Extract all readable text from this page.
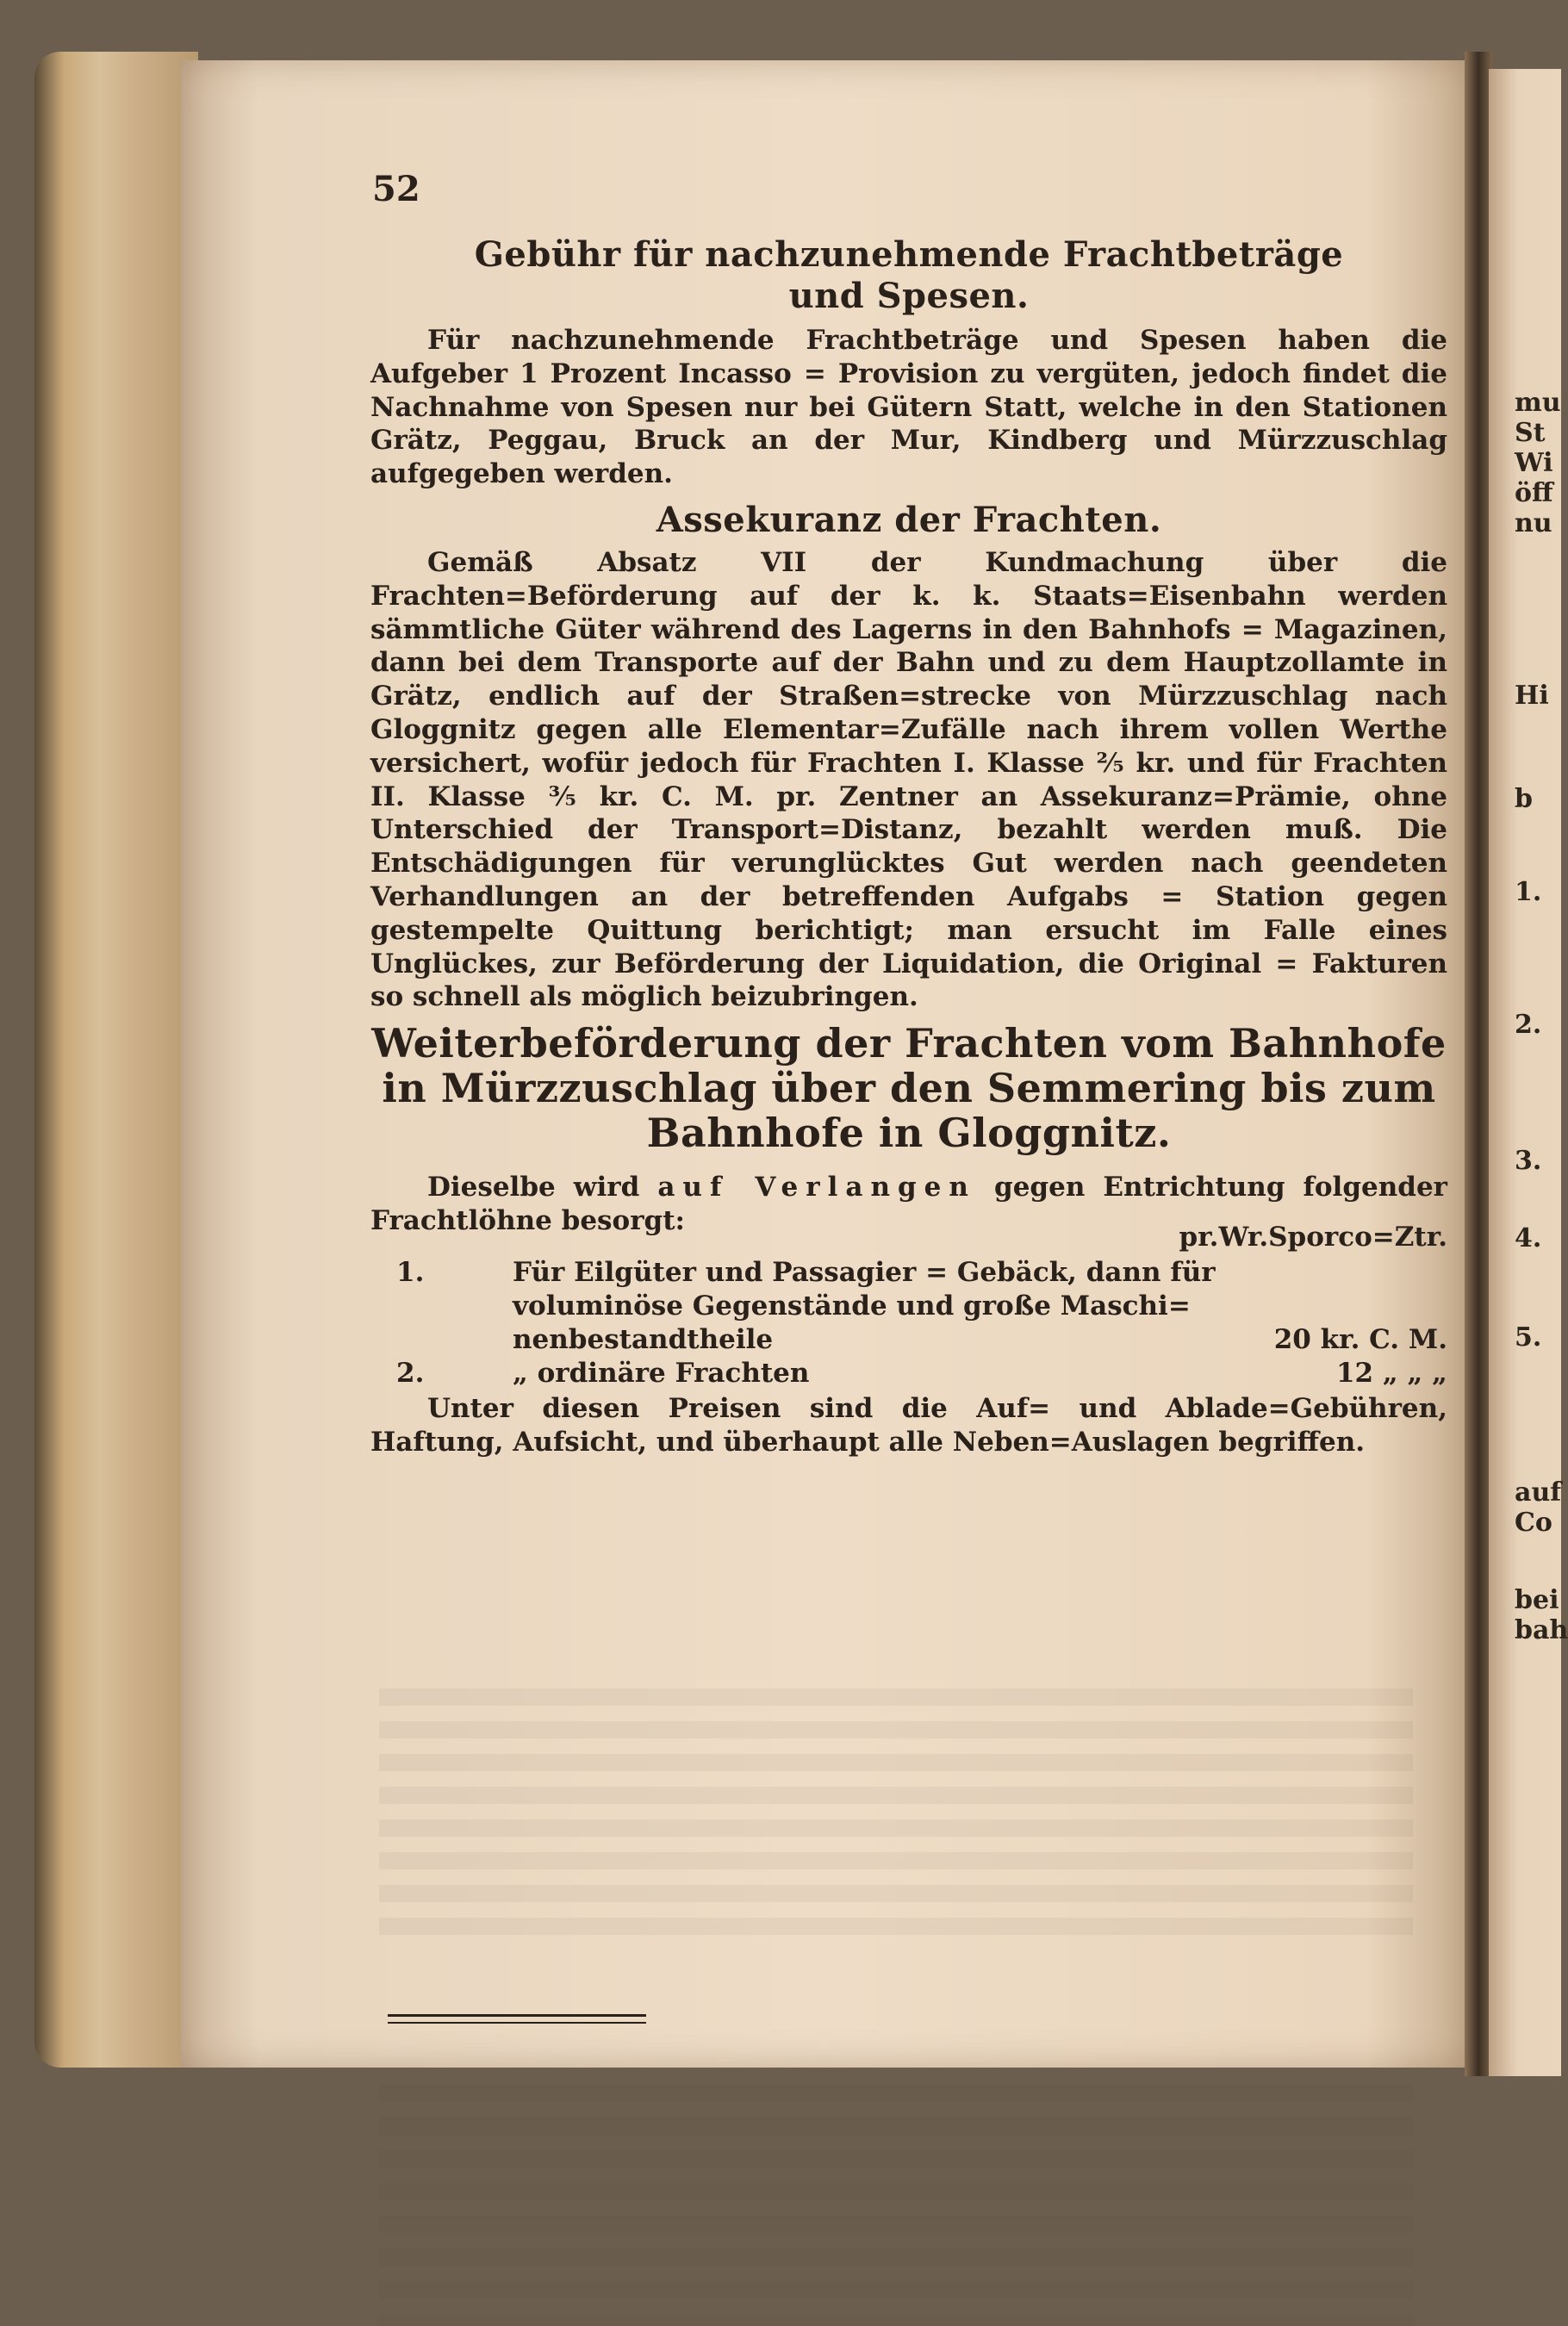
mu
St
Wi
öff
nu
Hi
b
1.
2.
3.
4.
5.
auf
Co
bei
bah
52
Gebühr für nachzunehmende Frachtbeträge und Spesen.

Für nachzunehmende Frachtbeträge und Spesen haben die Aufgeber 1 Prozent Incasso = Provision zu vergüten, jedoch findet die Nachnahme von Spesen nur bei Gütern Statt, welche in den Stationen Grätz, Peggau, Bruck an der Mur, Kindberg und Mürzzuschlag aufgegeben werden.

Assekuranz der Frachten.

Gemäß Absatz VII der Kundmachung über die Frachten=Beförderung auf der k. k. Staats=Eisenbahn werden sämmtliche Güter während des Lagerns in den Bahnhofs = Magazinen, dann bei dem Transporte auf der Bahn und zu dem Hauptzollamte in Grätz, endlich auf der Straßen=strecke von Mürzzuschlag nach Gloggnitz gegen alle Elementar=Zufälle nach ihrem vollen Werthe versichert, wofür jedoch für Frachten I. Klasse ²⁄₅ kr. und für Frachten II. Klasse ³⁄₅ kr. C. M. pr. Zentner an Assekuranz=Prämie, ohne Unterschied der Transport=Distanz, bezahlt werden muß. Die Entschädigungen für verunglücktes Gut werden nach geendeten Verhandlungen an der betreffenden Aufgabs = Station gegen gestempelte Quittung berichtigt; man ersucht im Falle eines Unglückes, zur Beförderung der Liquidation, die Original = Fakturen so schnell als möglich beizubringen.

Weiterbeförderung der Frachten vom Bahnhofe in Mürzzuschlag über den Semmering bis zum Bahnhofe in Gloggnitz.

Dieselbe wird auf Verlangen gegen Entrichtung folgender Frachtlöhne besorgt:

pr.Wr.Sporco=Ztr.
1.	Für Eilgüter und Passagier = Gebäck, dann für voluminöse Gegenstände und große Maschi= nenbestandtheile	20 kr. C. M.
2.	„ ordinäre Frachten	12 „ „ „

Unter diesen Preisen sind die Auf= und Ablade=Gebühren, Haftung, Aufsicht, und überhaupt alle Neben=Auslagen begriffen.
